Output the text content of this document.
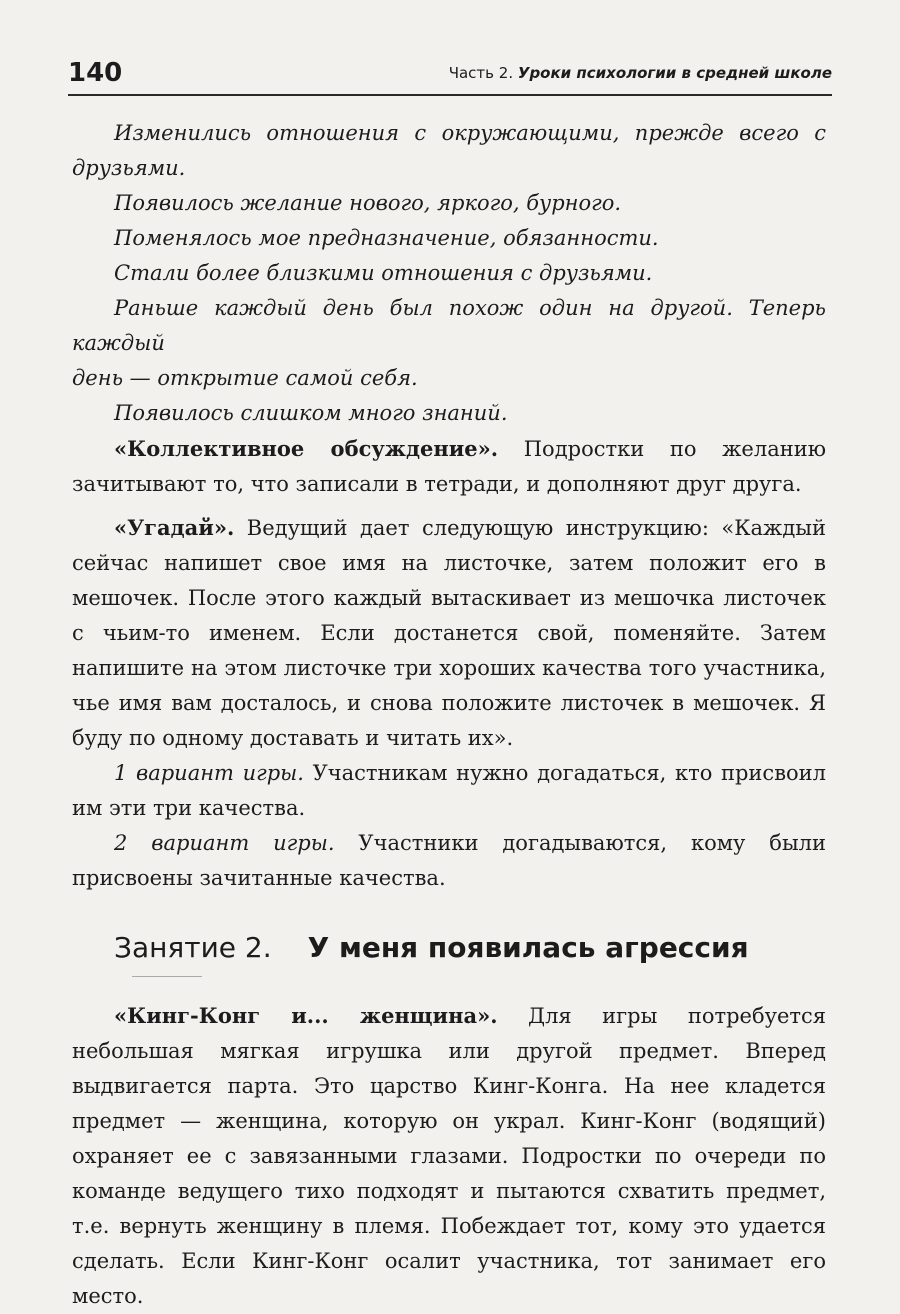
140	Часть 2. Уроки психологии в средней школе

Изменились отношения с окружающими, прежде всего с друзьями.

Появилось желание нового, яркого, бурного.

Поменялось мое предназначение, обязанности.

Стали более близкими отношения с друзьями.

Раньше каждый день был похож один на другой. Теперь каждый

день — открытие самой себя.

Появилось слишком много знаний.

«Коллективное обсуждение». Подростки по желанию зачитывают то, что записали в тетради, и дополняют друг друга.

«Угадай». Ведущий дает следующую инструкцию: «Каждый сейчас напишет свое имя на листочке, затем положит его в мешочек. После этого каждый вытаскивает из мешочка листочек с чьим-то именем. Если достанется свой, поменяйте. Затем напишите на этом листочке три хороших качества того участника, чье имя вам досталось, и снова положите листочек в мешочек. Я буду по одному доставать и читать их».

1 вариант игры. Участникам нужно догадаться, кто присвоил им эти три качества.

2 вариант игры. Участники догадываются, кому были присвоены зачитанные качества.

Занятие 2. У меня появилась агрессия

«Кинг-Конг и... женщина». Для игры потребуется небольшая мягкая игрушка или другой предмет. Вперед выдвигается парта. Это царство Кинг-Конга. На нее кладется предмет — женщина, которую он украл. Кинг-Конг (водящий) охраняет ее с завязанными глазами. Подростки по очереди по команде ведущего тихо подходят и пытаются схватить предмет, т.е. вернуть женщину в племя. Побеждает тот, кому это удается сделать. Если Кинг-Конг осалит участника, тот занимает его место.
